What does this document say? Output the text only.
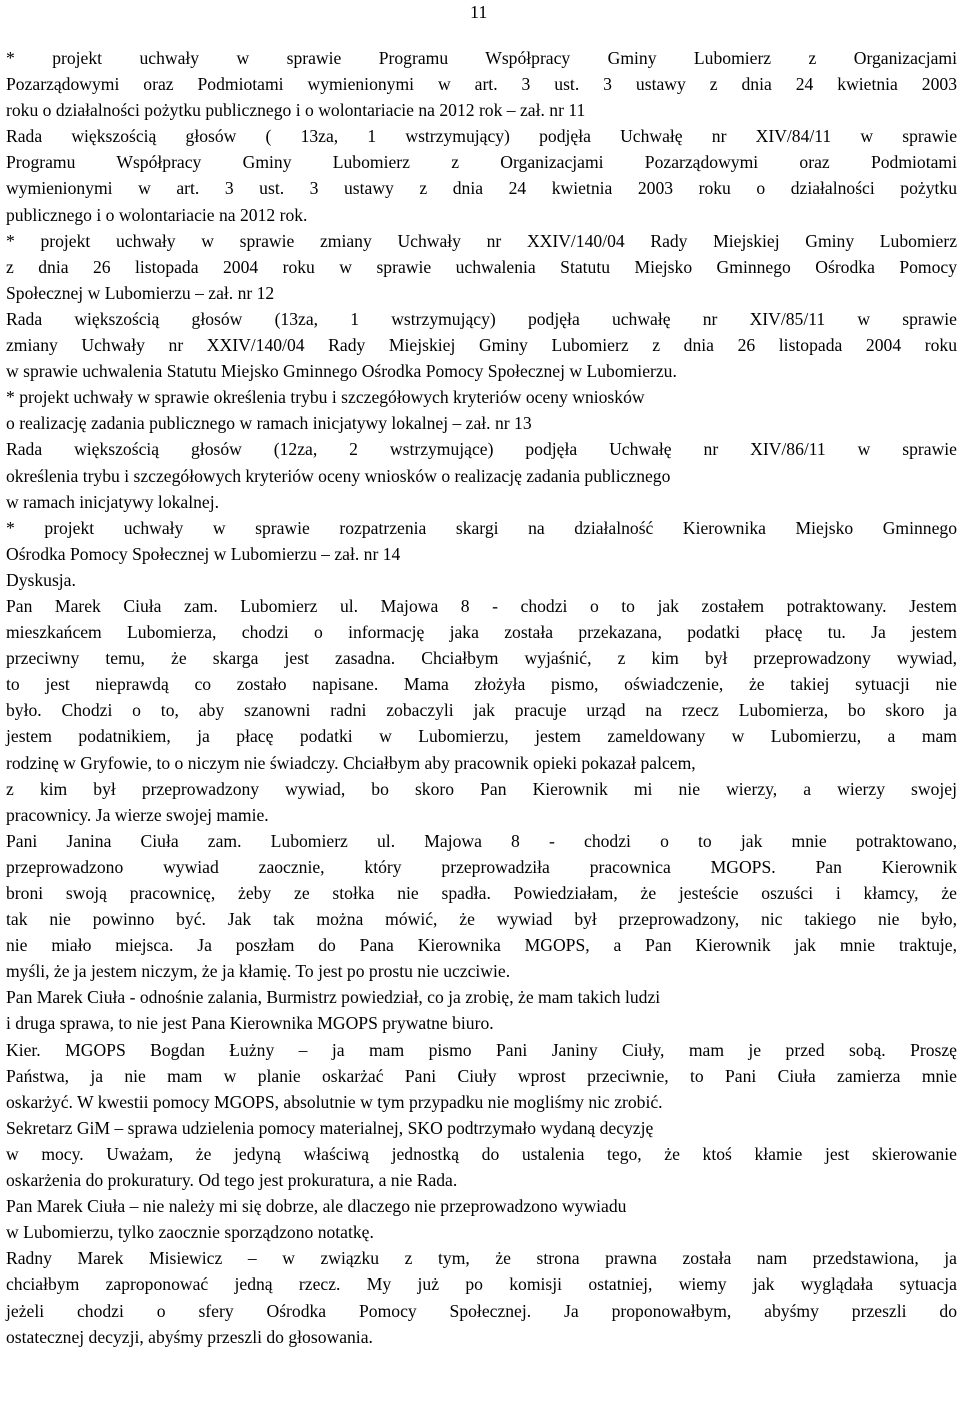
11
* projekt uchwały w sprawie Programu Współpracy Gminy Lubomierz z Organizacjami
Pozarządowymi oraz Podmiotami wymienionymi w art. 3 ust. 3 ustawy z dnia 24 kwietnia 2003
roku o działalności pożytku publicznego i o wolontariacie na 2012 rok – zał. nr 11
Rada większością głosów ( 13za, 1 wstrzymujący) podjęła Uchwałę nr XIV/84/11 w sprawie
Programu Współpracy Gminy Lubomierz z Organizacjami Pozarządowymi oraz Podmiotami
wymienionymi w art. 3 ust. 3 ustawy z dnia 24 kwietnia 2003 roku o działalności pożytku
publicznego i o wolontariacie na 2012 rok.
* projekt uchwały w sprawie zmiany Uchwały nr XXIV/140/04 Rady Miejskiej Gminy Lubomierz
z dnia 26 listopada 2004 roku w sprawie uchwalenia Statutu Miejsko Gminnego Ośrodka Pomocy
Społecznej w Lubomierzu – zał. nr 12
Rada większością głosów (13za, 1 wstrzymujący) podjęła uchwałę nr XIV/85/11 w sprawie
zmiany Uchwały nr XXIV/140/04 Rady Miejskiej Gminy Lubomierz z dnia 26 listopada 2004 roku
w sprawie uchwalenia Statutu Miejsko Gminnego Ośrodka Pomocy Społecznej w Lubomierzu.
* projekt uchwały w sprawie określenia trybu i szczegółowych kryteriów oceny wniosków
o realizację zadania publicznego w ramach inicjatywy lokalnej – zał. nr 13
Rada większością głosów (12za, 2 wstrzymujące) podjęła Uchwałę nr XIV/86/11 w sprawie
określenia trybu i szczegółowych kryteriów oceny wniosków o realizację zadania publicznego
w ramach inicjatywy lokalnej.
* projekt uchwały w sprawie rozpatrzenia skargi na działalność Kierownika Miejsko Gminnego
Ośrodka Pomocy Społecznej w Lubomierzu – zał. nr 14
Dyskusja.
Pan Marek Ciuła zam. Lubomierz ul. Majowa 8 - chodzi o to jak zostałem potraktowany. Jestem
mieszkańcem Lubomierza, chodzi o informację jaka została przekazana, podatki płacę tu. Ja jestem
przeciwny temu, że skarga jest zasadna. Chciałbym wyjaśnić, z kim był przeprowadzony wywiad,
to jest nieprawdą co zostało napisane. Mama złożyła pismo, oświadczenie, że takiej sytuacji nie
było. Chodzi o to, aby szanowni radni zobaczyli jak pracuje urząd na rzecz Lubomierza, bo skoro ja
jestem podatnikiem, ja płacę podatki w Lubomierzu, jestem zameldowany w Lubomierzu, a mam
rodzinę w Gryfowie, to o niczym nie świadczy. Chciałbym aby pracownik opieki pokazał palcem,
z kim był przeprowadzony wywiad, bo skoro Pan Kierownik mi nie wierzy, a wierzy swojej
pracownicy. Ja wierze swojej mamie.
Pani Janina Ciuła zam. Lubomierz ul. Majowa 8 - chodzi o to jak mnie potraktowano,
przeprowadzono wywiad zaocznie, który przeprowadziła pracownica MGOPS. Pan Kierownik
broni swoją pracownicę, żeby ze stołka nie spadła. Powiedziałam, że jesteście oszuści i kłamcy, że
tak nie powinno być. Jak tak można mówić, że wywiad był przeprowadzony, nic takiego nie było,
nie miało miejsca. Ja poszłam do Pana Kierownika MGOPS, a Pan Kierownik jak mnie traktuje,
myśli, że ja jestem niczym, że ja kłamię. To jest po prostu nie uczciwie.
Pan Marek Ciuła - odnośnie zalania, Burmistrz powiedział, co ja zrobię, że mam takich ludzi
i druga sprawa, to nie jest Pana Kierownika MGOPS prywatne biuro.
Kier. MGOPS Bogdan Łużny – ja mam pismo Pani Janiny Ciuły, mam je przed sobą. Proszę
Państwa, ja nie mam w planie oskarżać Pani Ciuły wprost przeciwnie, to Pani Ciuła zamierza mnie
oskarżyć. W kwestii pomocy MGOPS, absolutnie w tym przypadku nie mogliśmy nic zrobić.
Sekretarz GiM – sprawa udzielenia pomocy materialnej, SKO podtrzymało wydaną decyzję
w mocy. Uważam, że jedyną właściwą jednostką do ustalenia tego, że ktoś kłamie jest skierowanie
oskarżenia do prokuratury. Od tego jest prokuratura, a nie Rada.
Pan Marek Ciuła – nie należy mi się dobrze, ale dlaczego nie przeprowadzono wywiadu
w Lubomierzu, tylko zaocznie sporządzono notatkę.
Radny Marek Misiewicz – w związku z tym, że strona prawna została nam przedstawiona, ja
chciałbym zaproponować jedną rzecz. My już po komisji ostatniej, wiemy jak wyglądała sytuacja
jeżeli chodzi o sfery Ośrodka Pomocy Społecznej. Ja proponowałbym, abyśmy przeszli do
ostatecznej decyzji, abyśmy przeszli do głosowania.
